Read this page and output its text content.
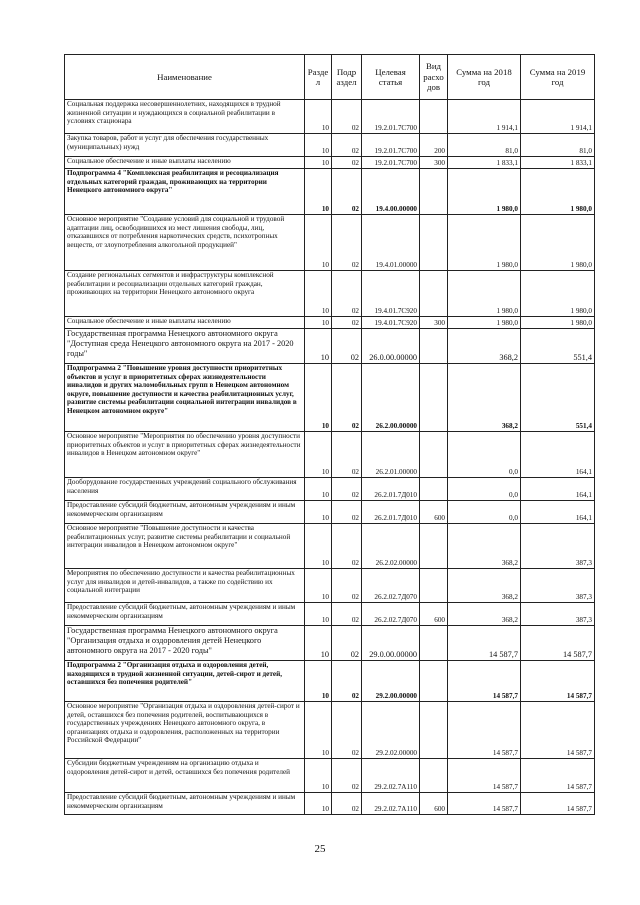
Наименование	Разде л	Подр аздел	Целевая статья	Вид расхо дов	Сумма на 2018 год	Сумма на 2019 год
Социальная поддержка несовершеннолетних, находящихся в трудной жизненной ситуации и нуждающихся в социальной реабилитации в условиях стационара	10	02	19.2.01.7С700		1 914,1	1 914,1
Закупка товаров, работ и услуг для обеспечения государственных (муниципальных) нужд	10	02	19.2.01.7С700	200	81,0	81,0
Социальное обеспечение и иные выплаты населению	10	02	19.2.01.7С700	300	1 833,1	1 833,1
Подпрограмма 4 "Комплексная реабилитация и ресоциализация отдельных категорий граждан, проживающих на территории Ненецкого автономного округа"	10	02	19.4.00.00000		1 980,0	1 980,0
Основное мероприятие "Создание условий для социальной и трудовой адаптации лиц, освободившихся из мест лишения свободы, лиц, отказавшихся от потребления наркотических средств, психотропных веществ, от злоупотребления алкогольной продукцией"	10	02	19.4.01.00000		1 980,0	1 980,0
Создание региональных сегментов и инфраструктуры комплексной реабилитации и ресоциализации отдельных категорий граждан, проживающих на территории Ненецкого автономного округа	10	02	19.4.01.7С920		1 980,0	1 980,0
Социальное обеспечение и иные выплаты населению	10	02	19.4.01.7С920	300	1 980,0	1 980,0
Государственная программа Ненецкого автономного округа "Доступная среда Ненецкого автономного округа на 2017 - 2020 годы"	10	02	26.0.00.00000		368,2	551,4
Подпрограмма 2 "Повышение уровня доступности приоритетных объектов и услуг в приоритетных сферах жизнедеятельности инвалидов и других маломобильных групп в Ненецком автономном округе, повышение доступности и качества реабилитационных услуг, развитие системы реабилитации социальной интеграции инвалидов в Ненецком автономном округе"	10	02	26.2.00.00000		368,2	551,4
Основное мероприятие "Мероприятия по обеспечению уровня доступности приоритетных объектов и услуг в приоритетных сферах жизнедеятельности инвалидов в Ненецком автономном округе"	10	02	26.2.01.00000		0,0	164,1
Дооборудование государственных учреждений социального обслуживания населения	10	02	26.2.01.7Д010		0,0	164,1
Предоставление субсидий бюджетным, автономным учреждениям и иным некоммерческим организациям	10	02	26.2.01.7Д010	600	0,0	164,1
Основное мероприятие "Повышение доступности и качества реабилитационных услуг, развитие системы реабилитации и социальной интеграции инвалидов в Ненецком автономном округе"	10	02	26.2.02.00000		368,2	387,3
Мероприятия по обеспечению доступности и качества реабилитационных услуг для инвалидов и детей-инвалидов, а также по содействию их социальной интеграции	10	02	26.2.02.7Д070		368,2	387,3
Предоставление субсидий бюджетным, автономным учреждениям и иным некоммерческим организациям	10	02	26.2.02.7Д070	600	368,2	387,3
Государственная программа Ненецкого автономного округа "Организация отдыха и оздоровления детей Ненецкого автономного округа на 2017 - 2020 годы"	10	02	29.0.00.00000		14 587,7	14 587,7
Подпрограмма 2 "Организация отдыха и оздоровления детей, находящихся в трудной жизненной ситуации, детей-сирот и детей, оставшихся без попечения родителей"	10	02	29.2.00.00000		14 587,7	14 587,7
Основное мероприятие "Организация отдыха и оздоровления детей-сирот и детей, оставшихся без попечения родителей, воспитывающихся в государственных учреждениях Ненецкого автономного округа, в организациях отдыха и оздоровления, расположенных на территории Российской Федерации"	10	02	29.2.02.00000		14 587,7	14 587,7
Субсидии бюджетным учреждениям на организацию отдыха и оздоровления детей-сирот и детей, оставшихся без попечения родителей	10	02	29.2.02.7А110		14 587,7	14 587,7
Предоставление субсидий бюджетным, автономным учреждениям и иным некоммерческим организациям	10	02	29.2.02.7А110	600	14 587,7	14 587,7
25
